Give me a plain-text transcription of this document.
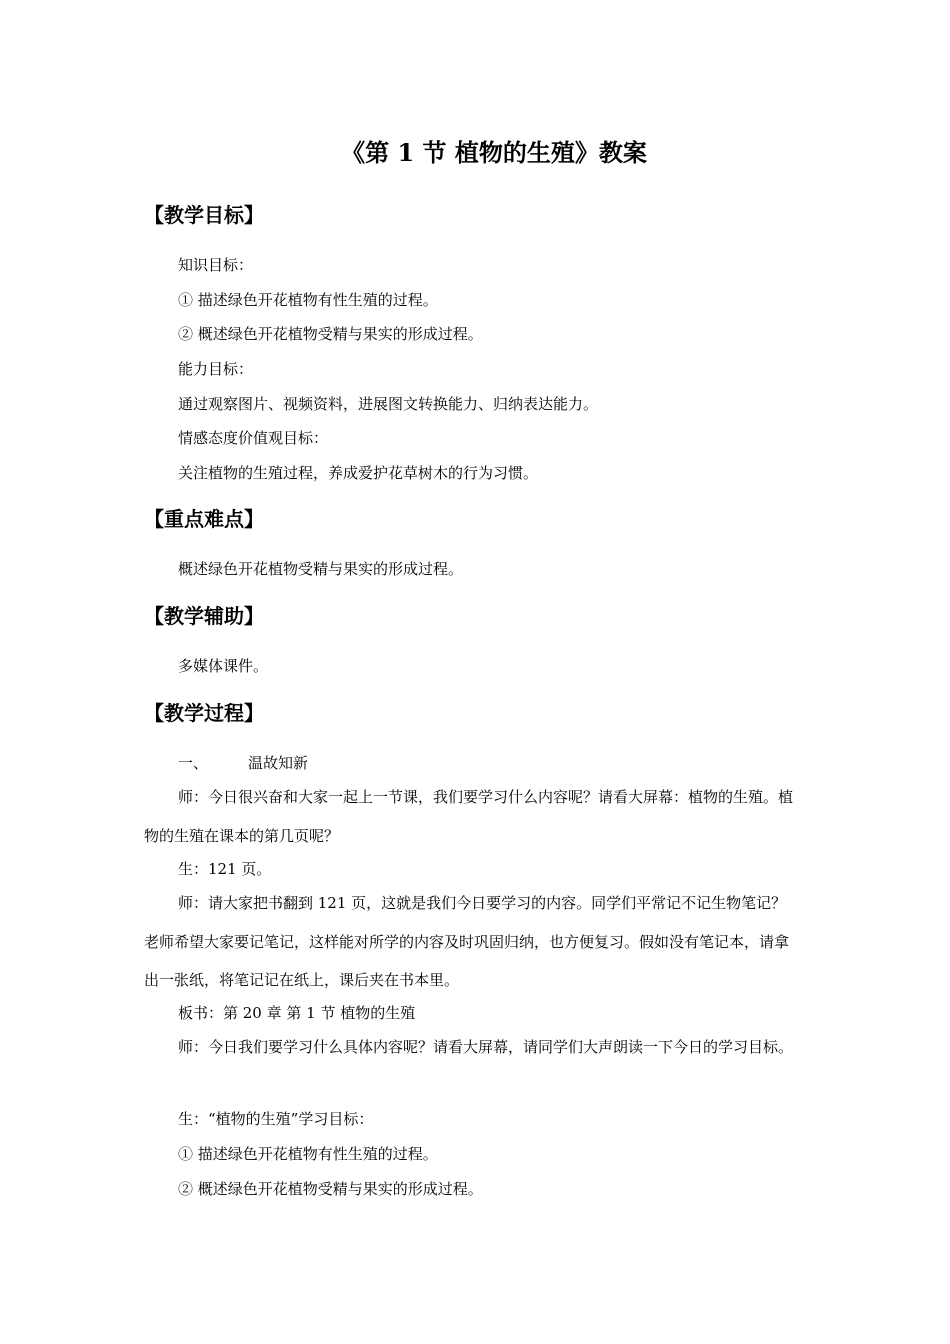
《第 1 节 植物的生殖》教案
【教学目标】
知识目标：
① 描述绿色开花植物有性生殖的过程。
② 概述绿色开花植物受精与果实的形成过程。
能力目标：
通过观察图片、视频资料，进展图文转换能力、归纳表达能力。
情感态度价值观目标：
关注植物的生殖过程，养成爱护花草树木的行为习惯。
【重点难点】
概述绿色开花植物受精与果实的形成过程。
【教学辅助】
多媒体课件。
【教学过程】
一、	温故知新
师：今日很兴奋和大家一起上一节课，我们要学习什么内容呢？请看大屏幕：植物的生殖。植物的生殖在课本的第几页呢？
生：121 页。
师：请大家把书翻到 121 页，这就是我们今日要学习的内容。同学们平常记不记生物笔记？老师希望大家要记笔记，这样能对所学的内容及时巩固归纳，也方便复习。假如没有笔记本，请拿出一张纸，将笔记记在纸上，课后夹在书本里。
板书：第 20 章 第 1 节 植物的生殖
师：今日我们要学习什么具体内容呢？请看大屏幕，请同学们大声朗读一下今日的学习目标。
生：“植物的生殖”学习目标：
① 描述绿色开花植物有性生殖的过程。
② 概述绿色开花植物受精与果实的形成过程。
